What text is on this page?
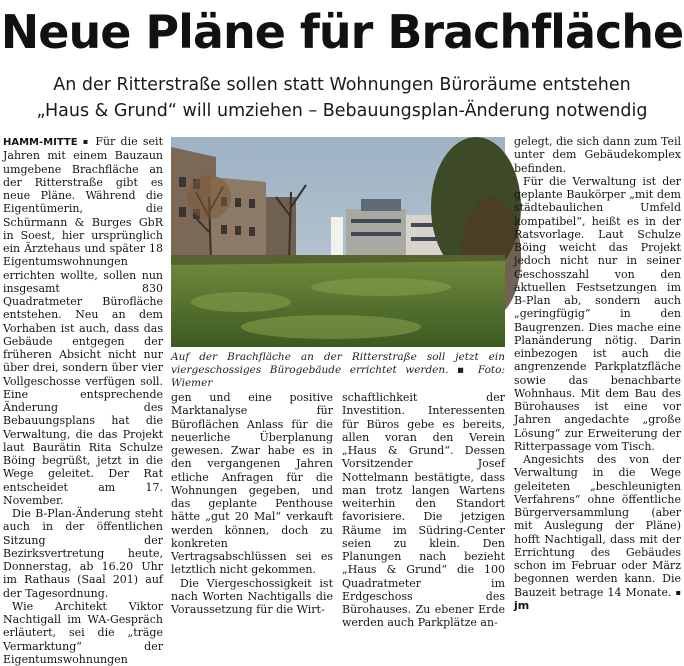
Neue Pläne für Brachfläche
An der Ritterstraße sollen statt Wohnungen Büroräume entstehen
„Haus & Grund“ will umziehen – Bebauungsplan-Änderung notwendig

HAMM-MITTE ▪ Für die seit Jahren mit einem Bauzaun umgebene Brachfläche an der Ritterstraße gibt es neue Pläne. Während die Eigentümerin, die Schürmann & Burges GbR in Soest, hier ursprünglich ein Ärztehaus und später 18 Eigentumswohnungen errichten wollte, sollen nun insgesamt 830 Quadratmeter Bürofläche entstehen. Neu an dem Vorhaben ist auch, dass das Gebäude entgegen der früheren Absicht nicht nur über drei, sondern über vier Vollgeschosse verfügen soll. Eine entsprechende Änderung des Bebauungsplans hat die Verwaltung, die das Projekt laut Baurätin Rita Schulze Böing begrüßt, jetzt in die Wege geleitet. Der Rat entscheidet am 17. November.

Die B-Plan-Änderung steht auch in der öffentlichen Sitzung der Bezirksvertretung heute, Donnerstag, ab 16.20 Uhr im Rathaus (Saal 201) auf der Tagesordnung.

Wie Architekt Viktor Nachtigall im WA-Gespräch erläutert, sei die „träge Vermarktung“ der Eigentumswohnungen

Auf der Brachfläche an der Ritterstraße soll jetzt ein viergeschossiges Bürogebäude errichtet werden. ▪ Foto: Wiemer

gen und eine positive Marktanalyse für Büroflächen Anlass für die neuerliche Überplanung gewesen. Zwar habe es in den vergangenen Jahren etliche Anfragen für die Wohnungen gegeben, und das geplante Penthouse hätte „gut 20 Mal“ verkauft werden können, doch zu konkreten Vertragsabschlüssen sei es letztlich nicht gekommen.

Die Viergeschossigkeit ist nach Worten Nachtigalls die Voraussetzung für die Wirt-

schaftlichkeit der Investition. Interessenten für Büros gebe es bereits, allen voran den Verein „Haus & Grund“. Dessen Vorsitzender Josef Nottelmann bestätigte, dass man trotz langen Wartens weiterhin den Standort favorisiere. Die jetzigen Räume im Südring-Center seien zu klein. Den Planungen nach bezieht „Haus & Grund“ die 100 Quadratmeter im Erdgeschoss des Bürohauses. Zu ebener Erde werden auch Parkplätze an-

gelegt, die sich dann zum Teil unter dem Gebäudekomplex befinden.

Für die Verwaltung ist der geplante Baukörper „mit dem städtebaulichen Umfeld kompatibel“, heißt es in der Ratsvorlage. Laut Schulze Böing weicht das Projekt jedoch nicht nur in seiner Geschosszahl von den aktuellen Festsetzungen im B-Plan ab, sondern auch „geringfügig“ in den Baugrenzen. Dies mache eine Planänderung nötig. Darin einbezogen ist auch die angrenzende Parkplatzfläche sowie das benachbarte Wohnhaus. Mit dem Bau des Bürohauses ist eine vor Jahren angedachte „große Lösung“ zur Erweiterung der Ritterpassage vom Tisch.

Angesichts des von der Verwaltung in die Wege geleiteten „beschleunigten Verfahrens“ ohne öffentliche Bürgerversammlung (aber mit Auslegung der Pläne) hofft Nachtigall, dass mit der Errichtung des Gebäudes schon im Februar oder März begonnen werden kann. Die Bauzeit betrage 14 Monate. ▪ jm
